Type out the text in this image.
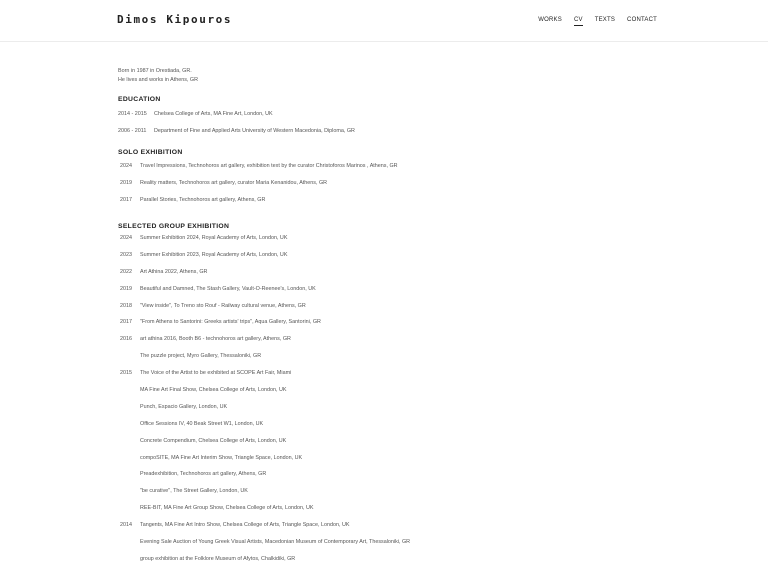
Dimos Kipouros	WORKS CV TEXTS CONTACT
Born in 1987 in Orestiada, GR.
He lives and works in Athens, GR
EDUCATION
2014 - 2015	Chelsea College of Arts, MA Fine Art, London, UK
2006 - 2011	Department of Fine and Applied Arts University of Western Macedonia, Diploma, GR
SOLO EXHIBITION
2024	Travel Impressions, Technohoros art gallery, exhibition text by the curator Christoforos Marinos , Athens, GR
2019	Reality matters, Technohoros art gallery, curator Maria Kenanidou, Athens, GR
2017	Parallel Stories, Technohoros art gallery, Athens, GR
SELECTED GROUP EXHIBITION
2024	Summer Exhibition 2024, Royal Academy of Arts, London, UK
2023	Summer Exhibition 2023, Royal Academy of Arts, London, UK
2022	Art Athina 2022, Athens, GR
2019	Beautiful and Damned, The Stash Gallery, Vault-O-Reenee's, London, UK
2018	"View inside", To Treno sto Rouf - Railway cultural venue, Athens, GR
2017	"From Athens to Santorini: Greeks artists' trips", Aqua Gallery, Santorini, GR
2016	art athina 2016, Booth B6 - technohoros art gallery, Athens, GR
The puzzle project, Myro Gallery, Thessaloniki, GR
2015	The Voice of the Artist to be exhibited at SCOPE Art Fair, Miami
MA Fine Art Final Show, Chelsea College of Arts, London, UK
Punch, Espacio Gallery, London, UK
Office Sessions IV, 40 Beak Street W1, London, UK
Concrete Compendium, Chelsea College of Arts, London, UK
compoSITE, MA Fine Art Interim Show, Triangle Space, London, UK
Preadexhibition, Technohoros art gallery, Athens, GR
"be curative", The Street Gallery, London, UK
REE-BIT, MA Fine Art Group Show, Chelsea College of Arts, London, UK
2014	Tangents, MA Fine Art Intro Show, Chelsea College of Arts, Triangle Space, London, UK
Evening Sale Auction of Young Greek Visual Artists, Macedonian Museum of Contemporary Art, Thessaloniki, GR
group exhibition at the Folklore Museum of Afytos, Chalkidiki, GR
